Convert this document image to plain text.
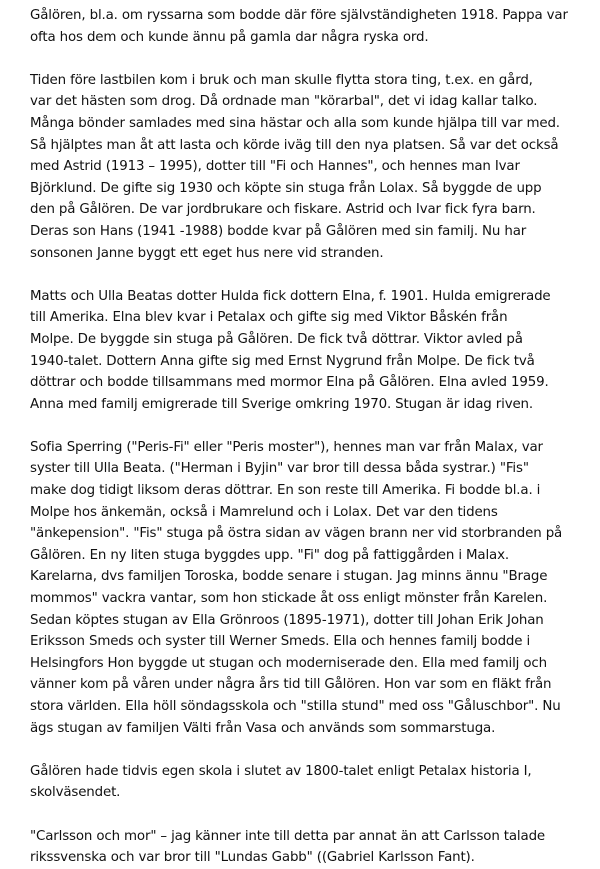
Gålören, bl.a. om ryssarna som bodde där före självständigheten 1918. Pappa var
ofta hos dem och kunde ännu på gamla dar några ryska ord.
Tiden före lastbilen kom i bruk och man skulle flytta stora ting, t.ex. en gård,
var det hästen som drog. Då ordnade man "körarbal", det vi idag kallar talko.
Många bönder samlades med sina hästar och alla som kunde hjälpa till var med.
Så hjälptes man åt att lasta och körde iväg till den nya platsen. Så var det också
med Astrid (1913 – 1995), dotter till "Fi och Hannes", och hennes man Ivar
Björklund. De gifte sig 1930 och köpte sin stuga från Lolax. Så byggde de upp
den på Gålören. De var jordbrukare och fiskare. Astrid och Ivar fick fyra barn.
Deras son Hans (1941 -1988) bodde kvar på Gålören med sin familj. Nu har
sonsonen Janne byggt ett eget hus nere vid stranden.
Matts och Ulla Beatas dotter Hulda fick dottern Elna, f. 1901. Hulda emigrerade
till Amerika. Elna blev kvar i Petalax och gifte sig med Viktor Båskén från
Molpe. De byggde sin stuga på Gålören. De fick två döttrar. Viktor avled på
1940-talet. Dottern Anna gifte sig med Ernst Nygrund från Molpe. De fick två
döttrar och bodde tillsammans med mormor Elna på Gålören. Elna avled 1959.
Anna med familj emigrerade till Sverige omkring 1970. Stugan är idag riven.
Sofia Sperring ("Peris-Fi" eller "Peris moster"), hennes man var från Malax, var
syster till Ulla Beata. ("Herman i Byjin" var bror till dessa båda systrar.) "Fis"
make dog tidigt liksom deras döttrar. En son reste till Amerika. Fi bodde bl.a. i
Molpe hos änkemän, också i Mamrelund och i Lolax. Det var den tidens
"änkepension". "Fis" stuga på östra sidan av vägen brann ner vid storbranden på
Gålören. En ny liten stuga byggdes upp. "Fi" dog på fattiggården i Malax.
Karelarna, dvs familjen Toroska, bodde senare i stugan. Jag minns ännu "Brage
mommos" vackra vantar, som hon stickade åt oss enligt mönster från Karelen.
Sedan köptes stugan av Ella Grönroos (1895-1971), dotter till Johan Erik Johan
Eriksson Smeds och syster till Werner Smeds. Ella och hennes familj bodde i
Helsingfors Hon byggde ut stugan och moderniserade den. Ella med familj och
vänner kom på våren under några års tid till Gålören. Hon var som en fläkt från
stora världen. Ella höll söndagsskola och "stilla stund" med oss "Gåluschbor". Nu
ägs stugan av familjen Välti från Vasa och används som sommarstuga.
Gålören hade tidvis egen skola i slutet av 1800-talet enligt Petalax historia I,
skolväsendet.
"Carlsson och mor" – jag känner inte till detta par annat än att Carlsson talade
rikssvenska och var bror till "Lundas Gabb" ((Gabriel Karlsson Fant).
